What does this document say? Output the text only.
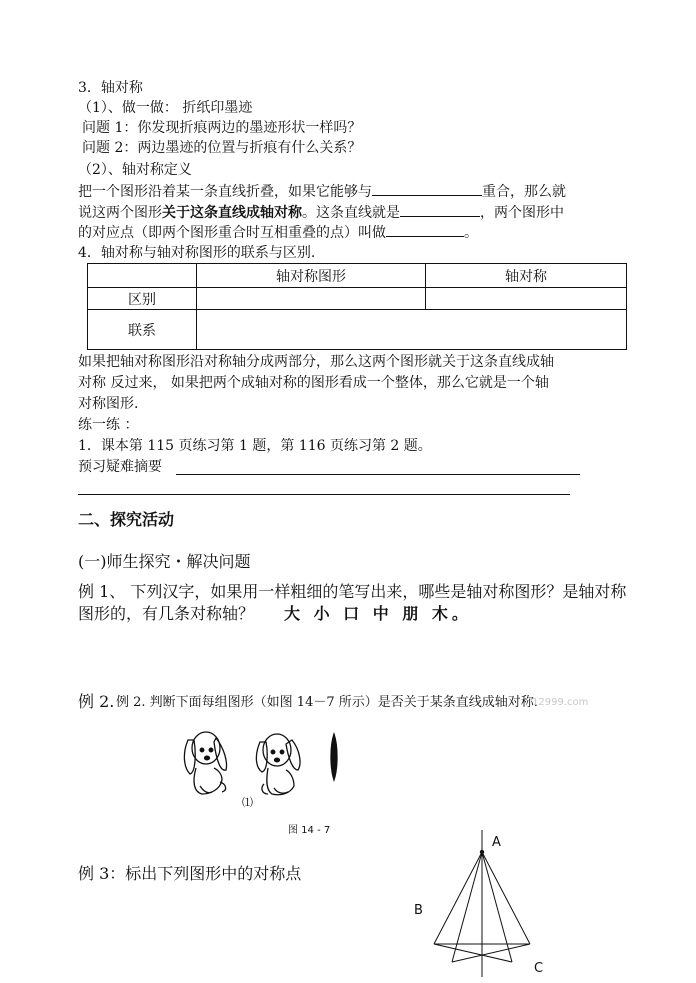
3．轴对称
（1）、做一做： 折纸印墨迹
问题 1：你发现折痕两边的墨迹形状一样吗？
问题 2：两边墨迹的位置与折痕有什么关系？
（2）、轴对称定义
把一个图形沿着某一条直线折叠，如果它能够与	重合，那么就
说这两个图形关于这条直线成轴对称。这条直线就是	，两个图形中
的对应点（即两个图形重合时互相重叠的点）叫做	。
4．轴对称与轴对称图形的联系与区别.
	轴对称图形	轴对称
区别		
联系		
如果把轴对称图形沿对称轴分成两部分，那么这两个图形就关于这条直线成轴
对称 反过来， 如果把两个成轴对称的图形看成一个整体，那么它就是一个轴
对称图形.
练一练 ：
1．课本第 115 页练习第 1 题，第 116 页练习第 2 题。
预习疑难摘要
二、探究活动
(一)师生探究・解决问题
例 1、 下列汉字，如果用一样粗细的笔写出来，哪些是轴对称图形？是轴对称
图形的，有几条对称轴？ 大 小 口 中 朋 木。
例 2. 例 2. 判断下面每组图形（如图 14－7 所示）是否关于某条直线成轴对称.
12999.com
⑴
图 14 - 7
例 3：标出下列图形中的对称点
A
B
C
